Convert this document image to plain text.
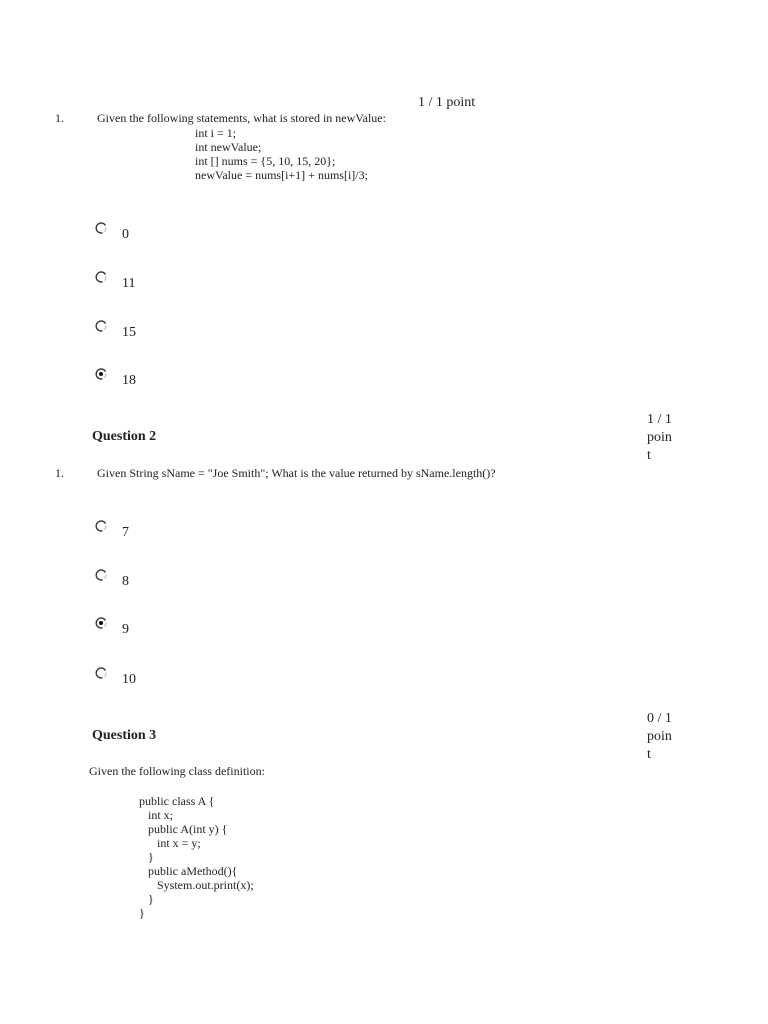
1 / 1 point
1.	Given the following statements, what is stored in newValue:
int i = 1;
int newValue;
int [] nums = {5, 10, 15, 20};
newValue = nums[i+1] + nums[i]/3;
0
11
15
18
1 / 1
poin
t
Question 2
1.	Given String sName = "Joe Smith"; What is the value returned by sName.length()?
7
8
9
10
0 / 1
poin
t
Question 3
Given the following class definition:
public class A {
int x;
public A(int y) {
int x = y;
}
public aMethod(){
System.out.print(x);
}
}
